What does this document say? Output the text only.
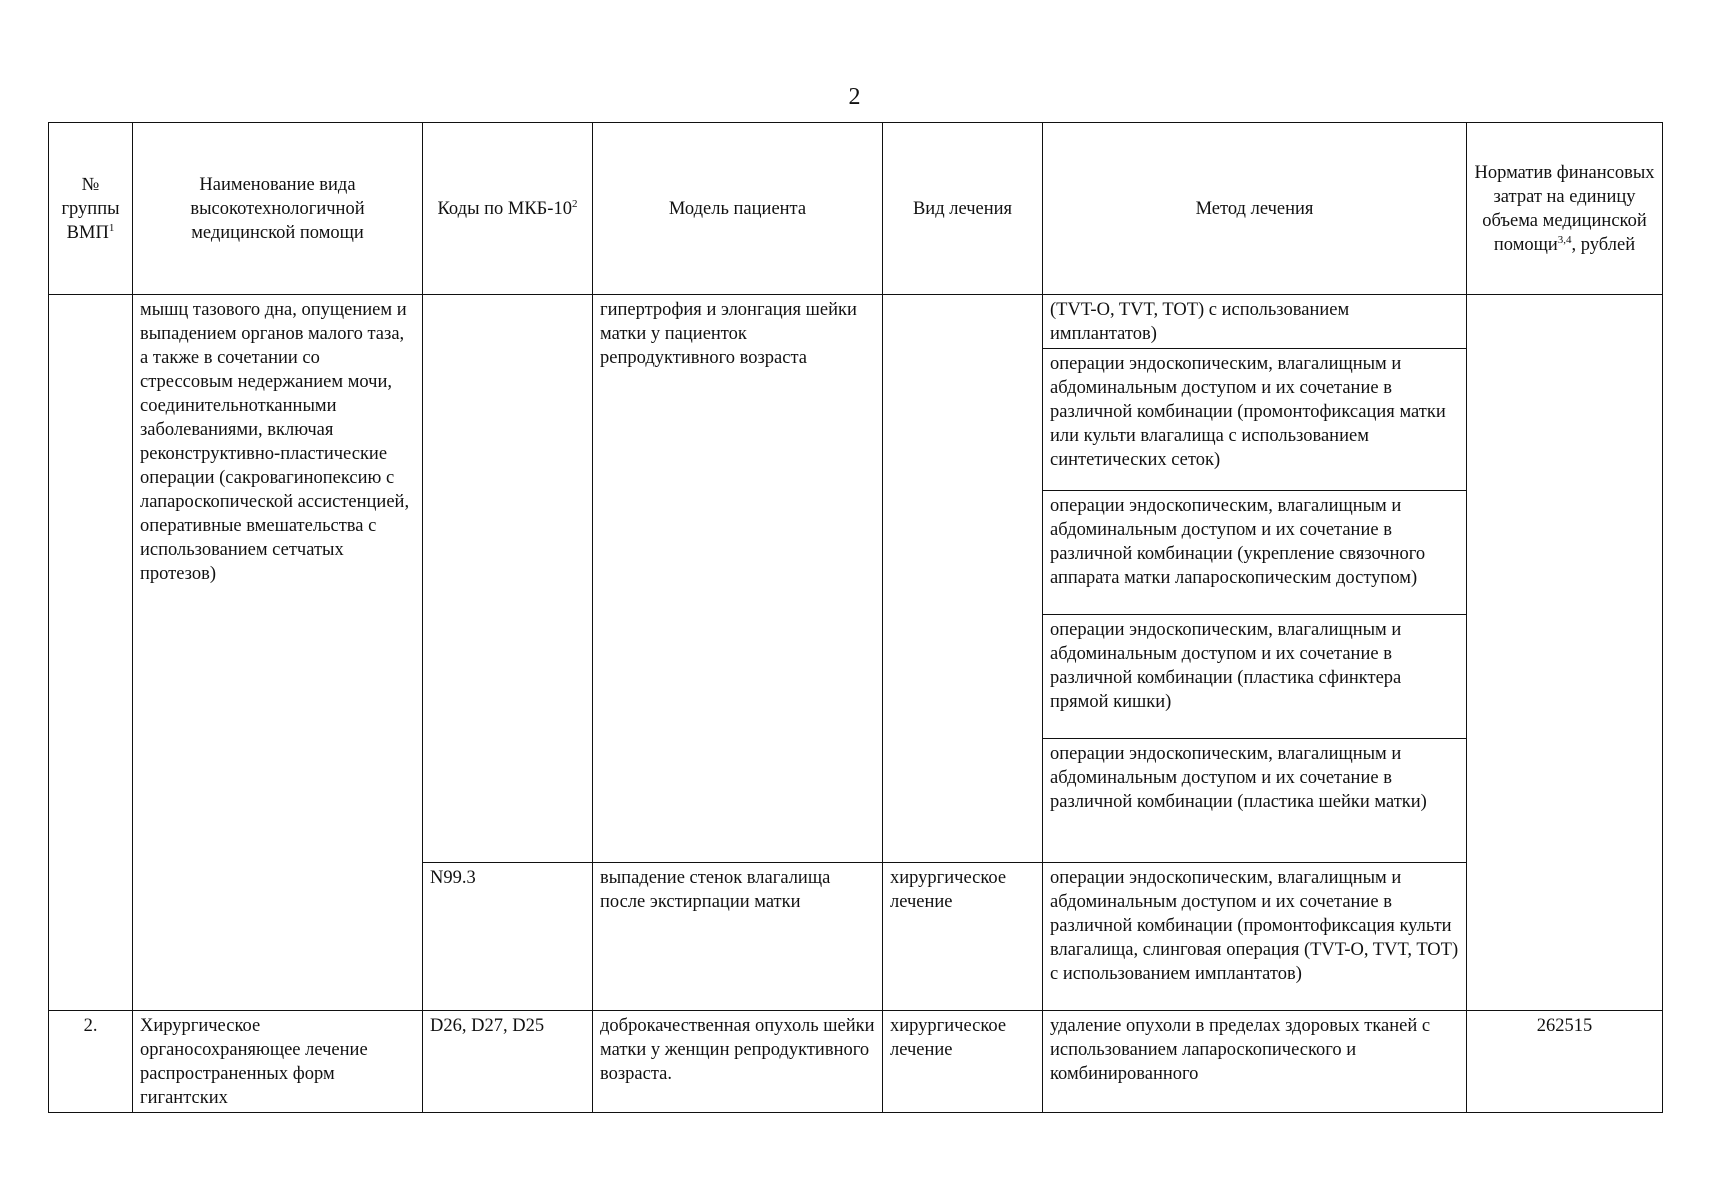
2
№ группы ВМП$^1$	Наименование вида высокотехнологичной медицинской помощи	Коды по МКБ-$10^2$	Модель пациента	Вид лечения	Метод лечения	Норматив финансовых затрат на единицу объема медицинской помощи$^{3,4}$, рублей
	мышц тазового дна, опущением и выпадением органов малого таза, а также в сочетании со стрессовым недержанием мочи, соединительнотканными заболеваниями, включая реконструктивно-пластические операции (сакровагинопексию с лапароскопической ассистенцией, оперативные вмешательства с использованием сетчатых протезов)		гипертрофия и элонгация шейки матки у пациенток репродуктивного возраста		(TVT-O, TVT, TOT) с использованием имплантатов)	
					операции эндоскопическим, влагалищным и абдоминальным доступом и их сочетание в различной комбинации (промонтофиксация матки или культи влагалища с использованием синтетических сеток)	
					операции эндоскопическим, влагалищным и абдоминальным доступом и их сочетание в различной комбинации (укрепление связочного аппарата матки лапароскопическим доступом)	
					операции эндоскопическим, влагалищным и абдоминальным доступом и их сочетание в различной комбинации (пластика сфинктера прямой кишки)	
					операции эндоскопическим, влагалищным и абдоминальным доступом и их сочетание в различной комбинации (пластика шейки матки)	

		N99.3	выпадение стенок влагалища после экстирпации матки	хирургическое лечение	операции эндоскопическим, влагалищным и абдоминальным доступом и их сочетание в различной комбинации (промонтофиксация культи влагалища, слинговая операция (TVT-O, TVT, TOT) с использованием имплантатов)	
2.	Хирургическое органосохраняющее лечение распространенных форм гигантских	D26, D27, D25	доброкачественная опухоль шейки матки у женщин репродуктивного возраста.	хирургическое лечение	удаление опухоли в пределах здоровых тканей с использованием лапароскопического и комбинированного	262515
